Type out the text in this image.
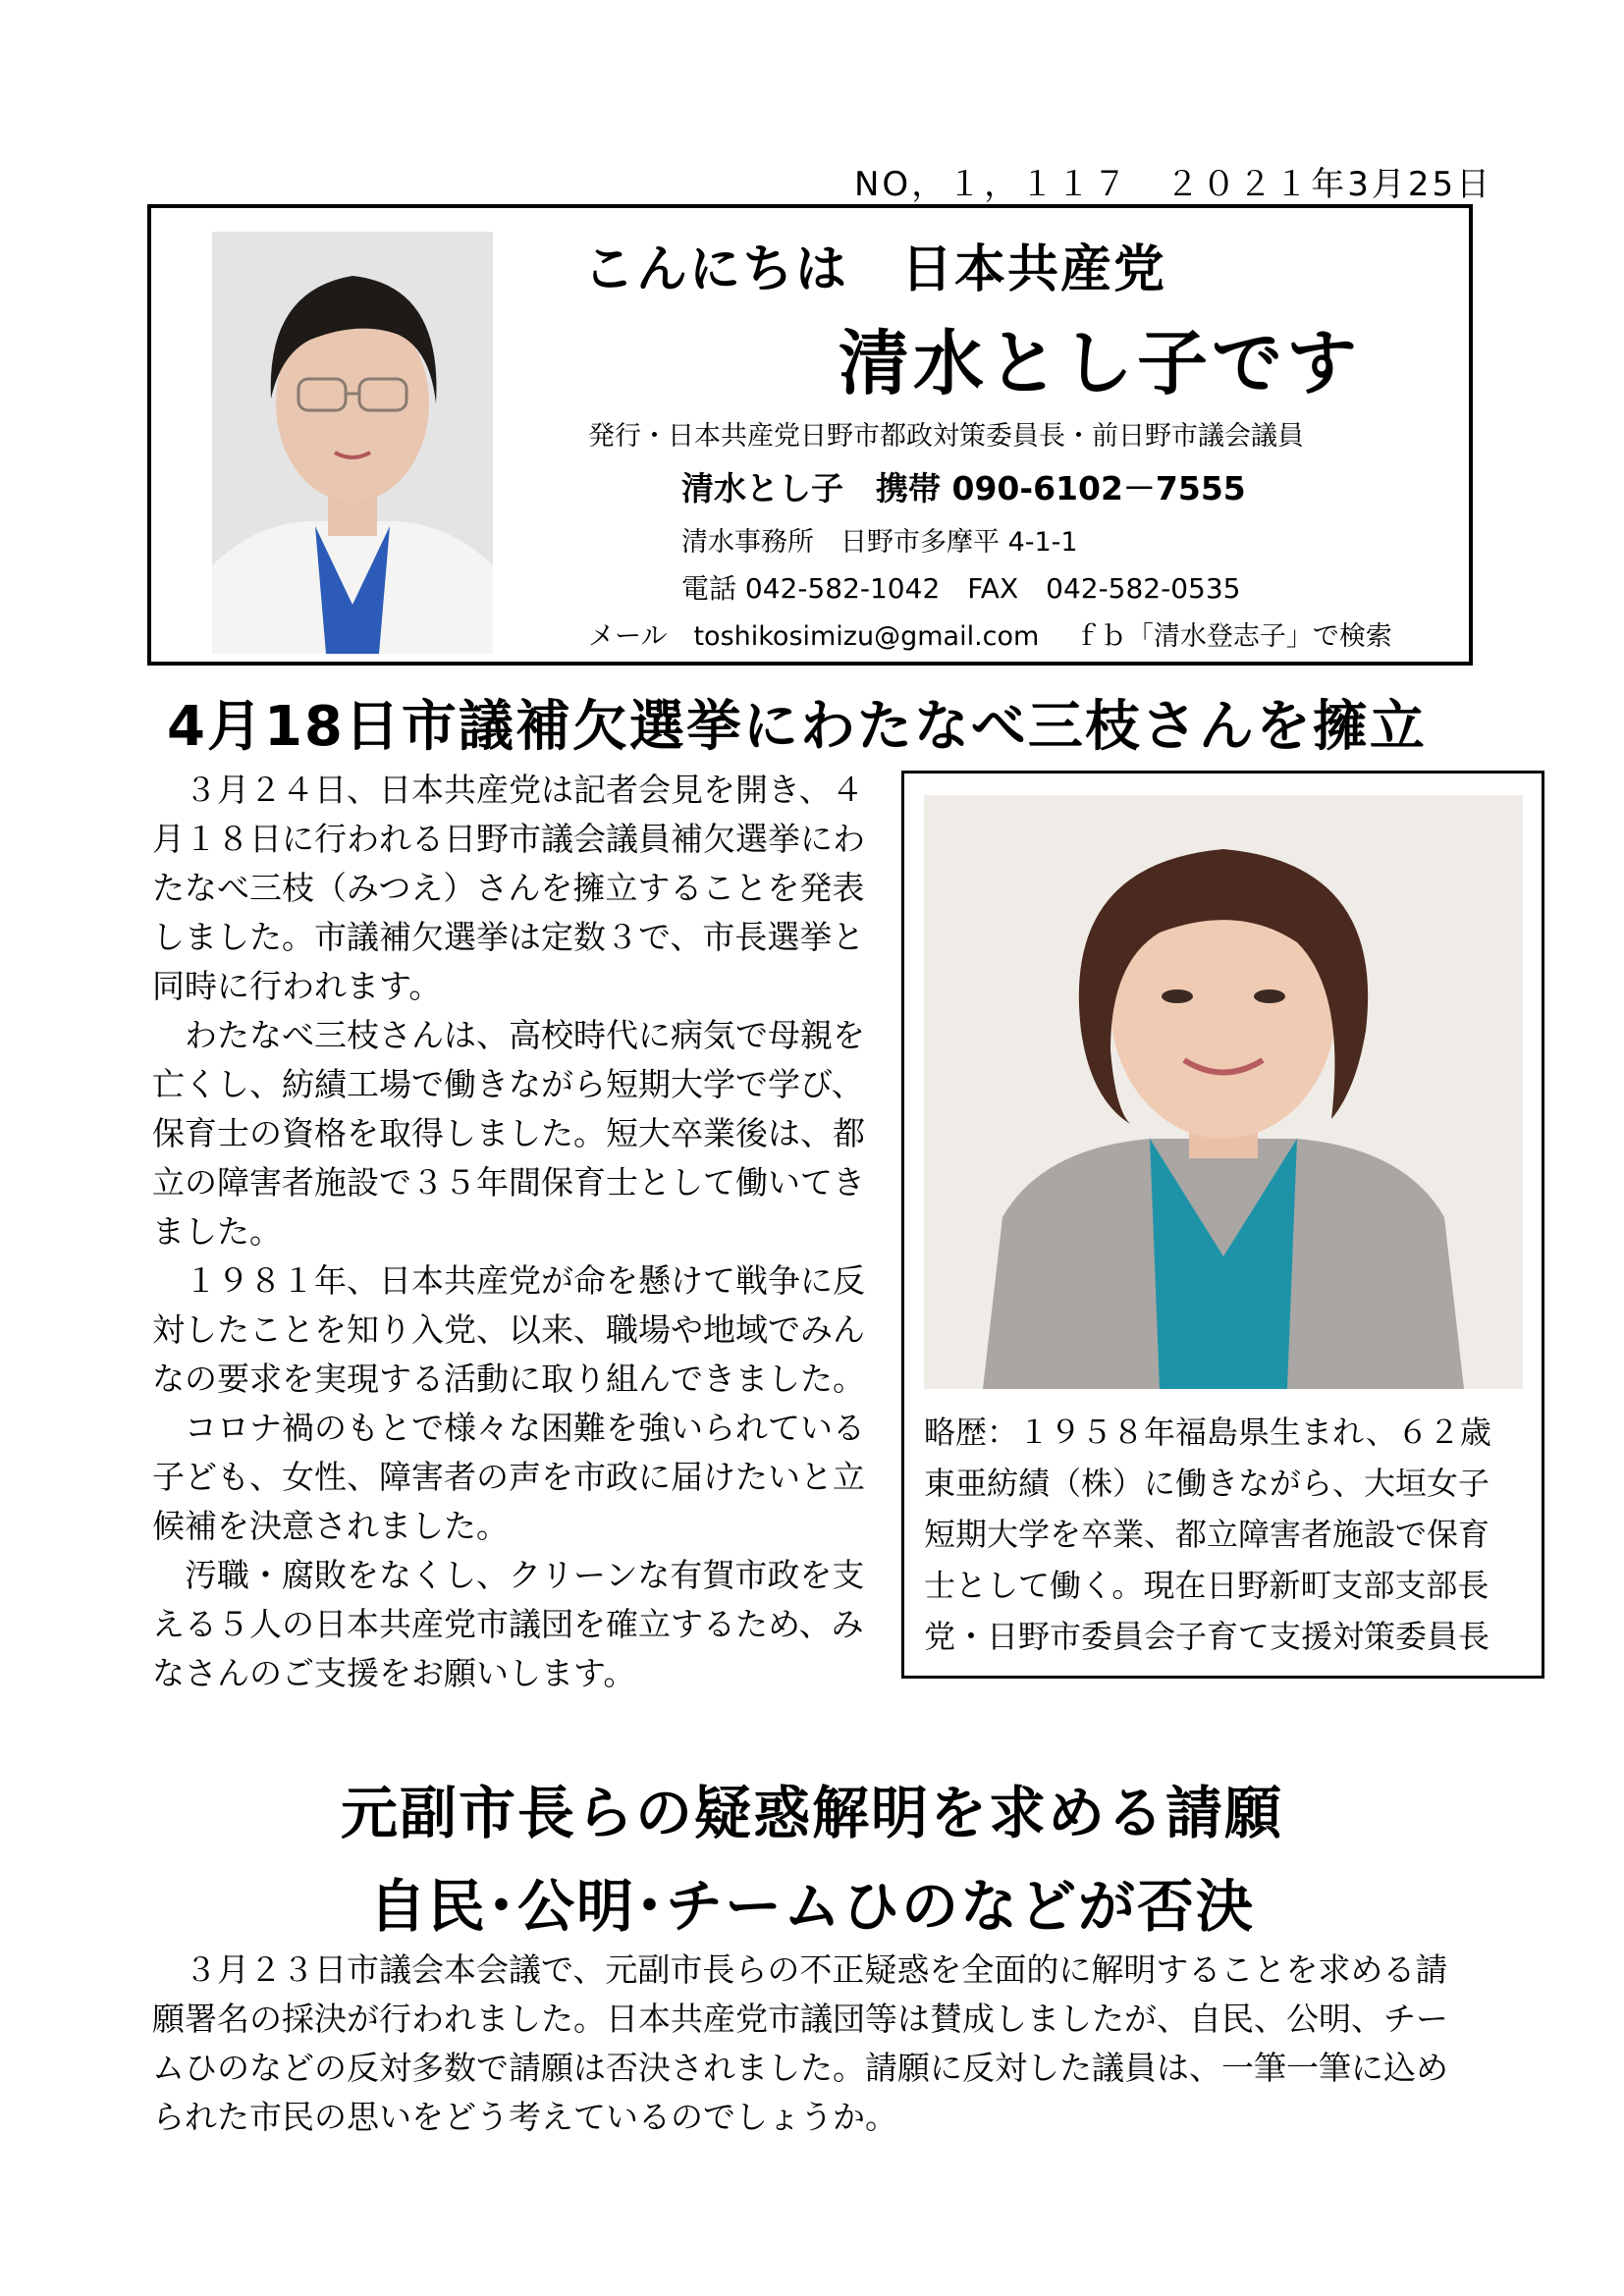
NO，１，１１７　２０２１年3月25日
こんにちは　日本共産党
清水とし子です
発行・日本共産党日野市都政対策委員長・前日野市議会議員
清水とし子　携帯 090-6102－7555
清水事務所　日野市多摩平 4-1-1
電話 042-582-1042　FAX　042-582-0535
メール　toshikosimizu@gmail.com　 ｆｂ「清水登志子」で検索
4月18日市議補欠選挙にわたなべ三枝さんを擁立

３月２４日、日本共産党は記者会見を開き、４月１８日に行われる日野市議会議員補欠選挙にわたなべ三枝（みつえ）さんを擁立することを発表しました。市議補欠選挙は定数３で、市長選挙と同時に行われます。

わたなべ三枝さんは、高校時代に病気で母親を亡くし、紡績工場で働きながら短期大学で学び、保育士の資格を取得しました。短大卒業後は、都立の障害者施設で３５年間保育士として働いてきました。

１９８１年、日本共産党が命を懸けて戦争に反対したことを知り入党、以来、職場や地域でみんなの要求を実現する活動に取り組んできました。

コロナ禍のもとで様々な困難を強いられている子ども、女性、障害者の声を市政に届けたいと立候補を決意されました。

汚職・腐敗をなくし、クリーンな有賀市政を支える５人の日本共産党市議団を確立するため、みなさんのご支援をお願いします。

略歴：１９５８年福島県生まれ、６２歳
東亜紡績（株）に働きながら、大垣女子
短期大学を卒業、都立障害者施設で保育
士として働く。現在日野新町支部支部長
党・日野市委員会子育て支援対策委員長
元副市長らの疑惑解明を求める請願
自民･公明･チームひのなどが否決

３月２３日市議会本会議で、元副市長らの不正疑惑を全面的に解明することを求める請願署名の採決が行われました。日本共産党市議団等は賛成しましたが、自民、公明、チームひのなどの反対多数で請願は否決されました。請願に反対した議員は、一筆一筆に込められた市民の思いをどう考えているのでしょうか。
